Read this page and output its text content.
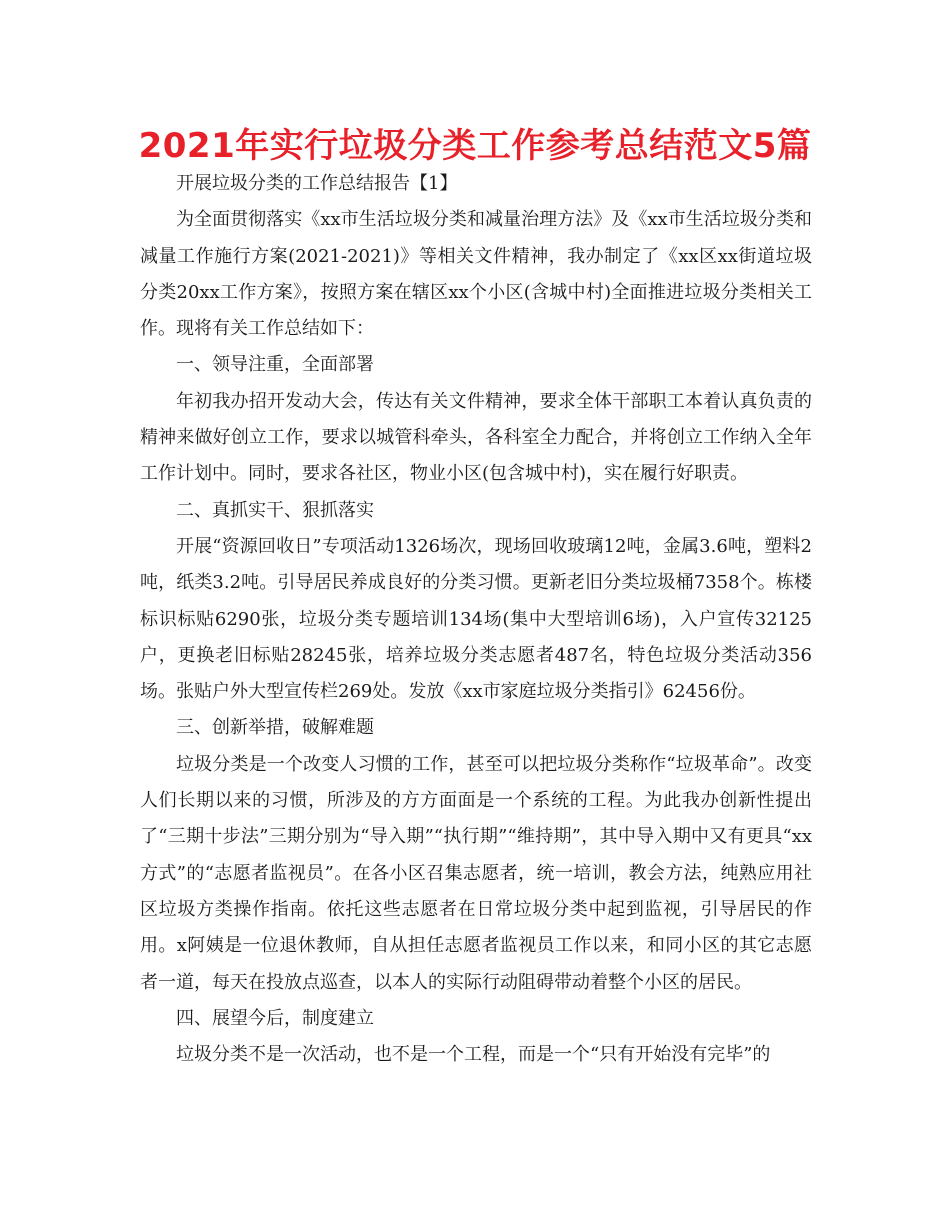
2021年实行垃圾分类工作参考总结范文5篇

开展垃圾分类的工作总结报告【1】

为全面贯彻落实《xx市生活垃圾分类和减量治理方法》及《xx市生活垃圾分类和减量工作施行方案(2021-2021)》等相关文件精神，我办制定了《xx区xx街道垃圾分类20xx工作方案》，按照方案在辖区xx个小区(含城中村)全面推进垃圾分类相关工作。现将有关工作总结如下：

一、领导注重，全面部署

年初我办招开发动大会，传达有关文件精神，要求全体干部职工本着认真负责的精神来做好创立工作，要求以城管科牵头，各科室全力配合，并将创立工作纳入全年工作计划中。同时，要求各社区，物业小区(包含城中村)，实在履行好职责。

二、真抓实干、狠抓落实

开展“资源回收日”专项活动1326场次，现场回收玻璃12吨，金属3.6吨，塑料2吨，纸类3.2吨。引导居民养成良好的分类习惯。更新老旧分类垃圾桶7358个。栋楼标识标贴6290张，垃圾分类专题培训134场(集中大型培训6场)，入户宣传32125户，更换老旧标贴28245张，培养垃圾分类志愿者487名，特色垃圾分类活动356场。张贴户外大型宣传栏269处。发放《xx市家庭垃圾分类指引》62456份。

三、创新举措，破解难题

垃圾分类是一个改变人习惯的工作，甚至可以把垃圾分类称作“垃圾革命”。改变人们长期以来的习惯，所涉及的方方面面是一个系统的工程。为此我办创新性提出了“三期十步法”三期分别为“导入期”“执行期”“维持期”，其中导入期中又有更具“xx方式”的“志愿者监视员”。在各小区召集志愿者，统一培训，教会方法，纯熟应用社区垃圾方类操作指南。依托这些志愿者在日常垃圾分类中起到监视，引导居民的作用。x阿姨是一位退休教师，自从担任志愿者监视员工作以来，和同小区的其它志愿者一道，每天在投放点巡查，以本人的实际行动阻碍带动着整个小区的居民。

四、展望今后，制度建立

垃圾分类不是一次活动，也不是一个工程，而是一个“只有开始没有完毕”的
